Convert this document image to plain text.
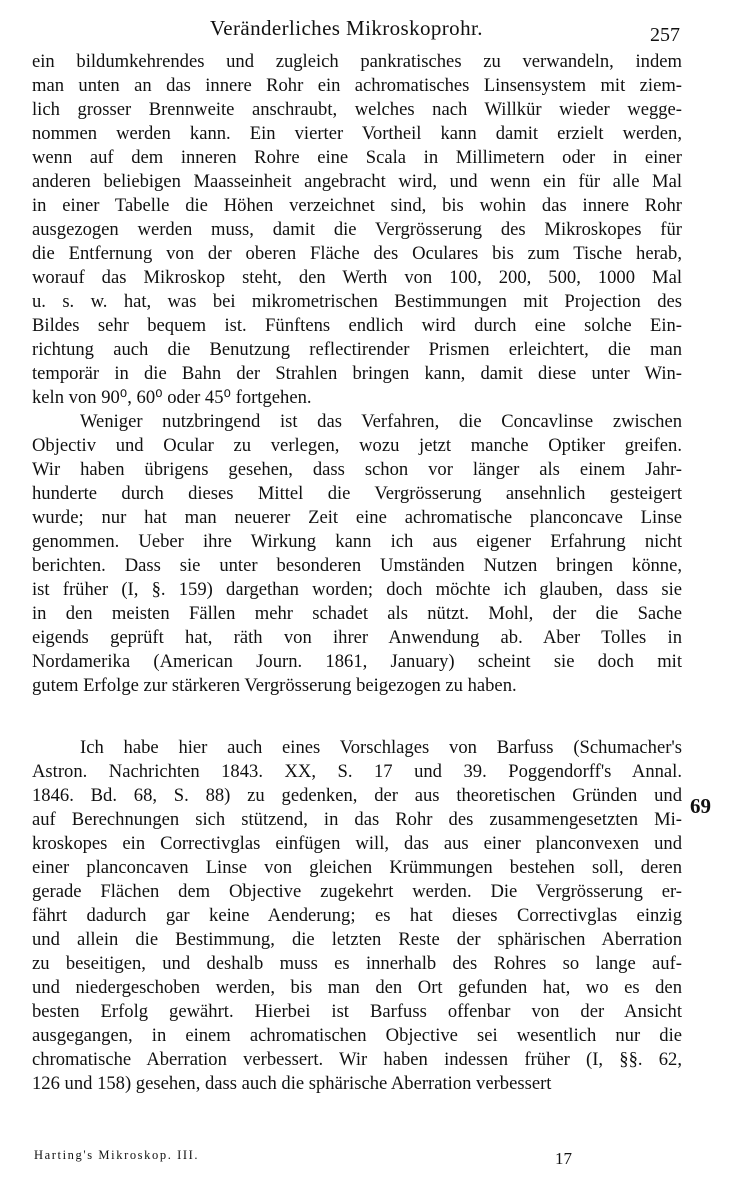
Veränderliches Mikroskoprohr.	257
ein bildumkehrendes und zugleich pankratisches zu verwandeln, indem
man unten an das innere Rohr ein achromatisches Linsensystem mit ziem-
lich grosser Brennweite anschraubt, welches nach Willkür wieder wegge-
nommen werden kann. Ein vierter Vortheil kann damit erzielt werden,
wenn auf dem inneren Rohre eine Scala in Millimetern oder in einer
anderen beliebigen Maasseinheit angebracht wird, und wenn ein für alle Mal
in einer Tabelle die Höhen verzeichnet sind, bis wohin das innere Rohr
ausgezogen werden muss, damit die Vergrösserung des Mikroskopes für
die Entfernung von der oberen Fläche des Oculares bis zum Tische herab,
worauf das Mikroskop steht, den Werth von 100, 200, 500, 1000 Mal
u. s. w. hat, was bei mikrometrischen Bestimmungen mit Projection des
Bildes sehr bequem ist. Fünftens endlich wird durch eine solche Ein-
richtung auch die Benutzung reflectirender Prismen erleichtert, die man
temporär in die Bahn der Strahlen bringen kann, damit diese unter Win-
keln von 90⁰, 60⁰ oder 45⁰ fortgehen.
Weniger nutzbringend ist das Verfahren, die Concavlinse zwischen
Objectiv und Ocular zu verlegen, wozu jetzt manche Optiker greifen.
Wir haben übrigens gesehen, dass schon vor länger als einem Jahr-
hunderte durch dieses Mittel die Vergrösserung ansehnlich gesteigert
wurde; nur hat man neuerer Zeit eine achromatische planconcave Linse
genommen. Ueber ihre Wirkung kann ich aus eigener Erfahrung nicht
berichten. Dass sie unter besonderen Umständen Nutzen bringen könne,
ist früher (I, §. 159) dargethan worden; doch möchte ich glauben, dass sie
in den meisten Fällen mehr schadet als nützt. Mohl, der die Sache
eigends geprüft hat, räth von ihrer Anwendung ab. Aber Tolles in
Nordamerika (American Journ. 1861, January) scheint sie doch mit
gutem Erfolge zur stärkeren Vergrösserung beigezogen zu haben.
Ich habe hier auch eines Vorschlages von Barfuss (Schumacher's
Astron. Nachrichten 1843. XX, S. 17 und 39. Poggendorff's Annal.
1846. Bd. 68, S. 88) zu gedenken, der aus theoretischen Gründen und
auf Berechnungen sich stützend, in das Rohr des zusammengesetzten Mi-
kroskopes ein Correctivglas einfügen will, das aus einer planconvexen und
einer planconcaven Linse von gleichen Krümmungen bestehen soll, deren
gerade Flächen dem Objective zugekehrt werden. Die Vergrösserung er-
fährt dadurch gar keine Aenderung; es hat dieses Correctivglas einzig
und allein die Bestimmung, die letzten Reste der sphärischen Aberration
zu beseitigen, und deshalb muss es innerhalb des Rohres so lange auf-
und niedergeschoben werden, bis man den Ort gefunden hat, wo es den
besten Erfolg gewährt. Hierbei ist Barfuss offenbar von der Ansicht
ausgegangen, in einem achromatischen Objective sei wesentlich nur die
chromatische Aberration verbessert. Wir haben indessen früher (I, §§. 62,
126 und 158) gesehen, dass auch die sphärische Aberration verbessert
69
Harting's Mikroskop. III.	17
